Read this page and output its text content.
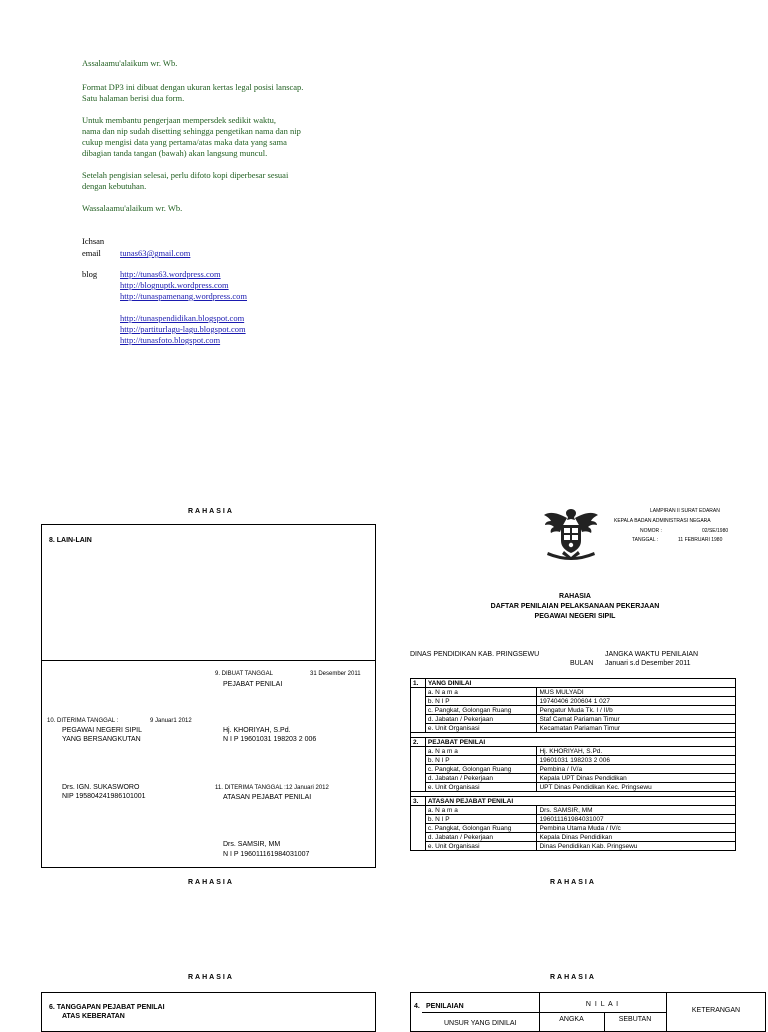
Assalaamu'alaikum wr. Wb.
Format DP3 ini dibuat dengan ukuran kertas legal posisi lanscap.
Satu halaman berisi dua form.
Untuk membantu pengerjaan mempersdek sedikit waktu,
nama dan nip sudah disetting sehingga pengetikan nama dan nip
cukup mengisi data yang pertama/atas maka data yang sama
dibagian tanda tangan (bawah) akan langsung muncul.
Setelah pengisian selesai, perlu difoto kopi diperbesar sesuai
dengan kebutuhan.
Wassalaamu'alaikum wr. Wb.
Ichsan
email tunas63@gmail.com
blog	http://tunas63.wordpress.com
http://blognuptk.wordpress.com
http://tunaspamenang.wordpress.com
http://tunaspendidikan.blogspot.com
http://partiturlagu-lagu.blogspot.com
http://tunasfoto.blogspot.com
RAHASIA
8. LAIN-LAIN
9. DIBUAT TANGGAL	31 Desember 2011
PEJABAT PENILAI
10. DITERIMA TANGGAL :	9 Januar1 2012
PEGAWAI NEGERI SIPIL
YANG BERSANGKUTAN
Hj. KHORIYAH, S.Pd.
N I P 19601031 198203 2 006
Drs. IGN. SUKASWORO
NIP 195804241986101001
11. DITERIMA TANGGAL :12 Januari 2012
ATASAN PEJABAT PENILAI
Drs. SAMSIR, MM
N I P 196011161984031007
RAHASIA
LAMPIRAN II SURAT EDARAN
KEPALA BADAN ADMINISTRASI NEGARA
NOMOR :	02/SE/1980
TANGGAL :	11 FEBRUARI 1980
RAHASIA
DAFTAR PENILAIAN PELAKSANAAN PEKERJAAN
PEGAWAI NEGERI SIPIL
DINAS PENDIDIKAN KAB. PRINGSEWU	JANGKA WAKTU PENILAIAN
BULAN Januari s.d Desember 2011
1.	YANG DINILAI	
	a. N a m a	MUS MULYADI
	b. N I P	19740406 200604 1 027
	c. Pangkat, Golongan Ruang	Pengatur Muda Tk. I / II/b
	d. Jabatan / Pekerjaan	Staf Camat Pariaman Timur
	e. Unit Organisasi	Kecamatan Pariaman Timur

2.	PEJABAT PENILAI	
	a. N a m a	Hj. KHORIYAH, S.Pd.
	b. N I P	19601031 198203 2 006
	c. Pangkat, Golongan Ruang	Pembina / IV/a
	d. Jabatan / Pekerjaan	Kepala UPT Dinas Pendidikan
	e. Unit Organisasi	UPT Dinas Pendidikan Kec. Pringsewu

3.	ATASAN PEJABAT PENILAI	
	a. N a m a	Drs. SAMSIR, MM
	b. N I P	196011161984031007
	c. Pangkat, Golongan Ruang	Pembina Utama Muda / IV/c
	d. Jabatan / Pekerjaan	Kepala Dinas Pendidikan
	e. Unit Organisasi	Dinas Pendidikan Kab. Pringsewu
RAHASIA
RAHASIA	RAHASIA
6. TANGGAPAN PEJABAT PENILAI
ATAS KEBERATAN
4. PENILAIAN	N I L A I
KETERANGAN
UNSUR YANG DINILAI
ANGKA	SEBUTAN
